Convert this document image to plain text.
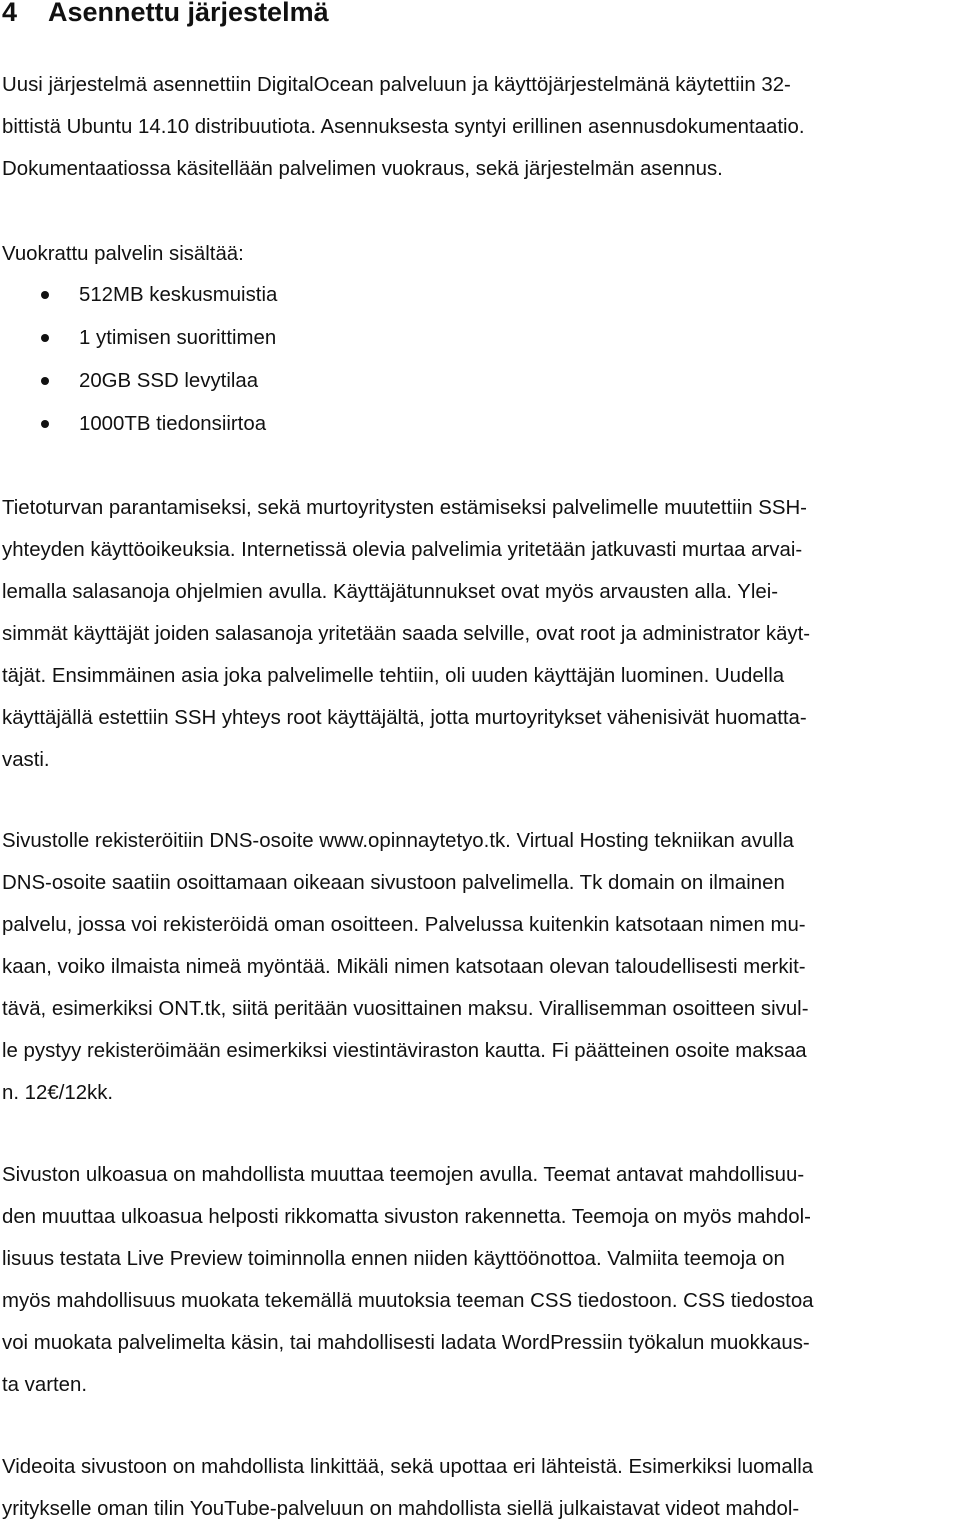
4 Asennettu järjestelmä

Uusi järjestelmä asennettiin DigitalOcean palveluun ja käyttöjärjestelmänä käytettiin 32-

bittistä Ubuntu 14.10 distribuutiota. Asennuksesta syntyi erillinen asennusdokumentaatio.

Dokumentaatiossa käsitellään palvelimen vuokraus, sekä järjestelmän asennus.

Vuokrattu palvelin sisältää:

512MB keskusmuistia
1 ytimisen suorittimen
20GB SSD levytilaa
1000TB tiedonsiirtoa

Tietoturvan parantamiseksi, sekä murtoyritysten estämiseksi palvelimelle muutettiin SSH-

yhteyden käyttöoikeuksia. Internetissä olevia palvelimia yritetään jatkuvasti murtaa arvai-

lemalla salasanoja ohjelmien avulla. Käyttäjätunnukset ovat myös arvausten alla. Ylei-

simmät käyttäjät joiden salasanoja yritetään saada selville, ovat root ja administrator käyt-

täjät. Ensimmäinen asia joka palvelimelle tehtiin, oli uuden käyttäjän luominen. Uudella

käyttäjällä estettiin SSH yhteys root käyttäjältä, jotta murtoyritykset vähenisivät huomatta-

vasti.

Sivustolle rekisteröitiin DNS-osoite www.opinnaytetyo.tk. Virtual Hosting tekniikan avulla

DNS-osoite saatiin osoittamaan oikeaan sivustoon palvelimella. Tk domain on ilmainen

palvelu, jossa voi rekisteröidä oman osoitteen. Palvelussa kuitenkin katsotaan nimen mu-

kaan, voiko ilmaista nimeä myöntää. Mikäli nimen katsotaan olevan taloudellisesti merkit-

tävä, esimerkiksi ONT.tk, siitä peritään vuosittainen maksu. Virallisemman osoitteen sivul-

le pystyy rekisteröimään esimerkiksi viestintäviraston kautta. Fi päätteinen osoite maksaa

n. 12€/12kk.

Sivuston ulkoasua on mahdollista muuttaa teemojen avulla. Teemat antavat mahdollisuu-

den muuttaa ulkoasua helposti rikkomatta sivuston rakennetta. Teemoja on myös mahdol-

lisuus testata Live Preview toiminnolla ennen niiden käyttöönottoa. Valmiita teemoja on

myös mahdollisuus muokata tekemällä muutoksia teeman CSS tiedostoon. CSS tiedostoa

voi muokata palvelimelta käsin, tai mahdollisesti ladata WordPressiin työkalun muokkaus-

ta varten.

Videoita sivustoon on mahdollista linkittää, sekä upottaa eri lähteistä. Esimerkiksi luomalla

yritykselle oman tilin YouTube-palveluun on mahdollista siellä julkaistavat videot mahdol-
